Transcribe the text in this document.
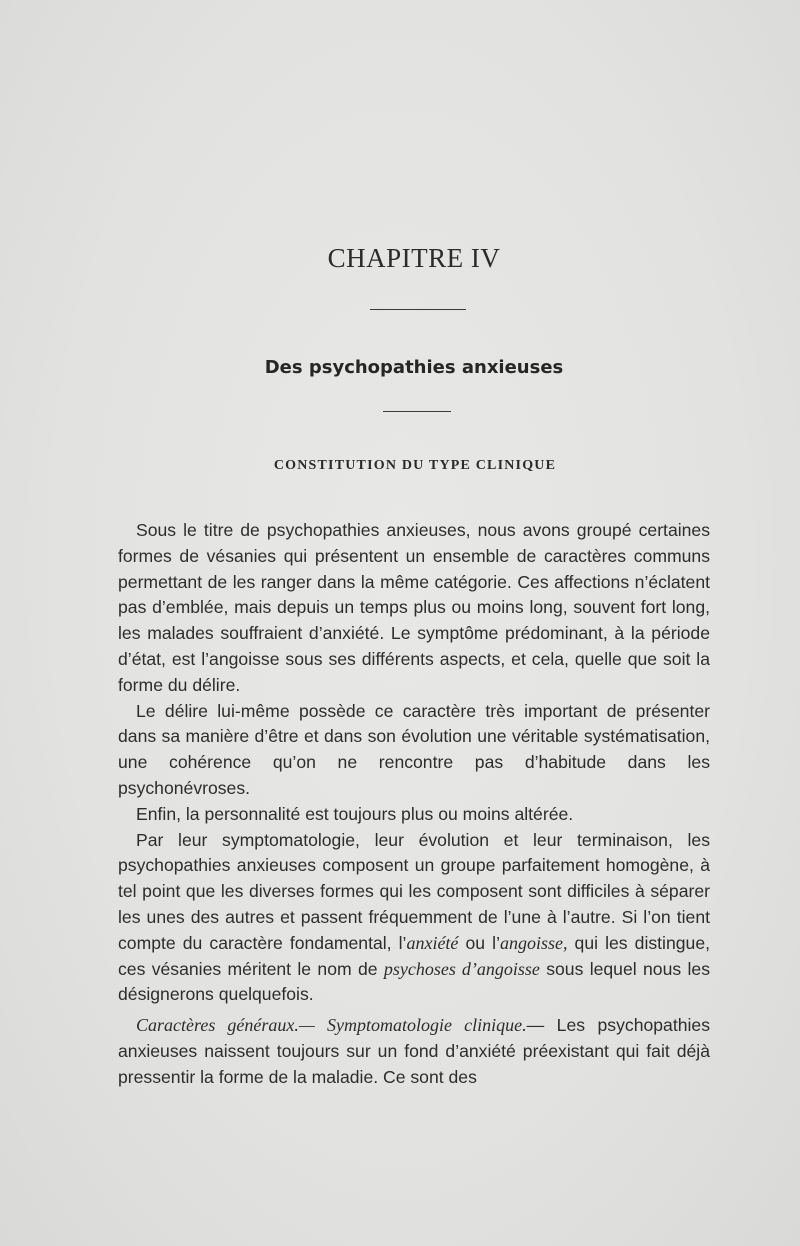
CHAPITRE IV
Des psychopathies anxieuses
CONSTITUTION DU TYPE CLINIQUE

Sous le titre de psychopathies anxieuses, nous avons groupé certaines formes de vésanies qui présentent un ensemble de caractères communs permettant de les ranger dans la même catégorie. Ces affections n’éclatent pas d’emblée, mais depuis un temps plus ou moins long, souvent fort long, les malades souffraient d’anxiété. Le symptôme prédominant, à la période d’état, est l’angoisse sous ses différents aspects, et cela, quelle que soit la forme du délire.

Le délire lui-même possède ce caractère très important de présenter dans sa manière d’être et dans son évolution une véritable systématisation, une cohérence qu’on ne rencontre pas d’habitude dans les psychonévroses.

Enfin, la personnalité est toujours plus ou moins altérée.

Par leur symptomatologie, leur évolution et leur terminaison, les psychopathies anxieuses composent un groupe parfaitement homogène, à tel point que les diverses formes qui les composent sont difficiles à séparer les unes des autres et passent fréquemment de l’une à l’autre. Si l’on tient compte du caractère fondamental, l’anxiété ou l’angoisse, qui les distingue, ces vésanies méritent le nom de psychoses d’angoisse sous lequel nous les désignerons quelquefois.

Caractères généraux.— Symptomatologie clinique.— Les psychopathies anxieuses naissent toujours sur un fond d’anxiété préexistant qui fait déjà pressentir la forme de la maladie. Ce sont des
